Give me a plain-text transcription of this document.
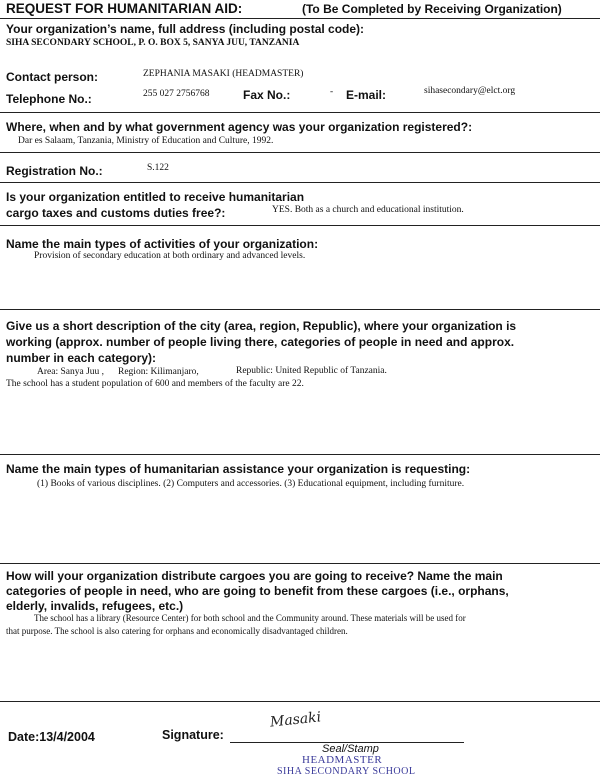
REQUEST FOR HUMANITARIAN AID:	(To Be Completed by Receiving Organization)
Your organization’s name, full address (including postal code):
SIHA SECONDARY SCHOOL, P. O. BOX 5, SANYA JUU, TANZANIA
Contact person:	ZEPHANIA MASAKI (HEADMASTER)
Telephone No.:	255 027 2756768	Fax No.:	- E-mail:	sihasecondary@elct.org
Where, when and by what government agency was your organization registered?:
Dar es Salaam, Tanzania, Ministry of Education and Culture, 1992.
Registration No.:	S.122
Is your organization entitled to receive humanitarian
cargo taxes and customs duties free?:	YES. Both as a church and educational institution.
Name the main types of activities of your organization:
Provision of secondary education at both ordinary and advanced levels.
Give us a short description of the city (area, region, Republic), where your organization is
working (approx. number of people living there, categories of people in need and approx.
number in each category):
Area: Sanya Juu , Region: Kilimanjaro,	Republic: United Republic of Tanzania.
The school has a student population of 600 and members of the faculty are 22.
Name the main types of humanitarian assistance your organization is requesting:
(1) Books of various disciplines. (2) Computers and accessories. (3) Educational equipment, including furniture.
How will your organization distribute cargoes you are going to receive? Name the main
categories of people in need, who are going to benefit from these cargoes (i.e., orphans,
elderly, invalids, refugees, etc.)
The school has a library (Resource Center) for both school and the Community around. These materials will be used for
that purpose. The school is also catering for orphans and economically disadvantaged children.
Date:13/4/2004	Signature:
Masaki
Seal/Stamp
HEADMASTER
SIHA SECONDARY SCHOOL
